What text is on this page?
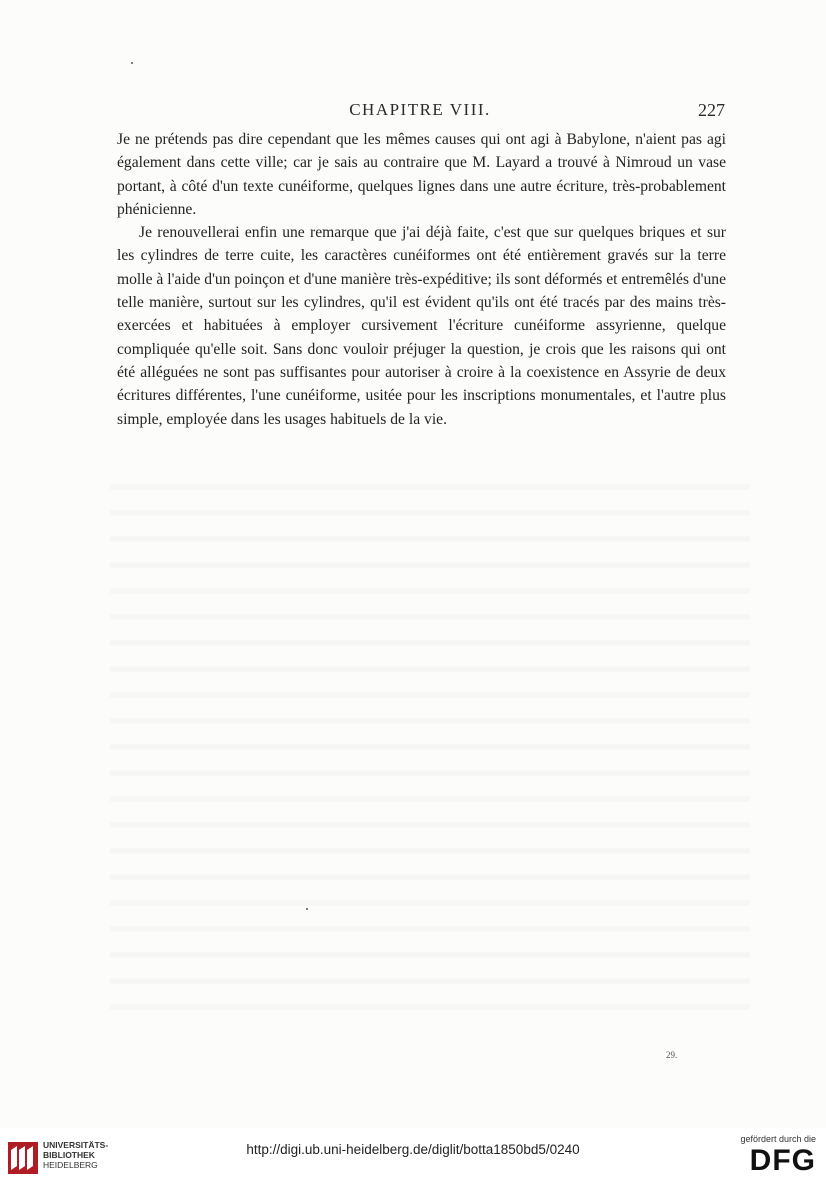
CHAPITRE VIII.	227

Je ne prétends pas dire cependant que les mêmes causes qui ont agi à Babylone, n'aient pas agi également dans cette ville; car je sais au contraire que M. Layard a trouvé à Nimroud un vase portant, à côté d'un texte cunéiforme, quelques lignes dans une autre écriture, très-probablement phénicienne.

Je renouvellerai enfin une remarque que j'ai déjà faite, c'est que sur quelques briques et sur les cylindres de terre cuite, les caractères cunéiformes ont été entièrement gravés sur la terre molle à l'aide d'un poinçon et d'une manière très-expéditive; ils sont déformés et entremêlés d'une telle manière, surtout sur les cylindres, qu'il est évident qu'ils ont été tracés par des mains très-exercées et habituées à employer cursivement l'écriture cunéiforme assyrienne, quelque compliquée qu'elle soit. Sans donc vouloir préjuger la question, je crois que les raisons qui ont été alléguées ne sont pas suffisantes pour autoriser à croire à la coexistence en Assyrie de deux écritures différentes, l'une cunéiforme, usitée pour les inscriptions monumentales, et l'autre plus simple, employée dans les usages habituels de la vie.

29.
UNIVERSITÄTS-
BIBLIOTHEK
HEIDELBERG
http://digi.ub.uni-heidelberg.de/diglit/botta1850bd5/0240
gefördert durch die
DFG
